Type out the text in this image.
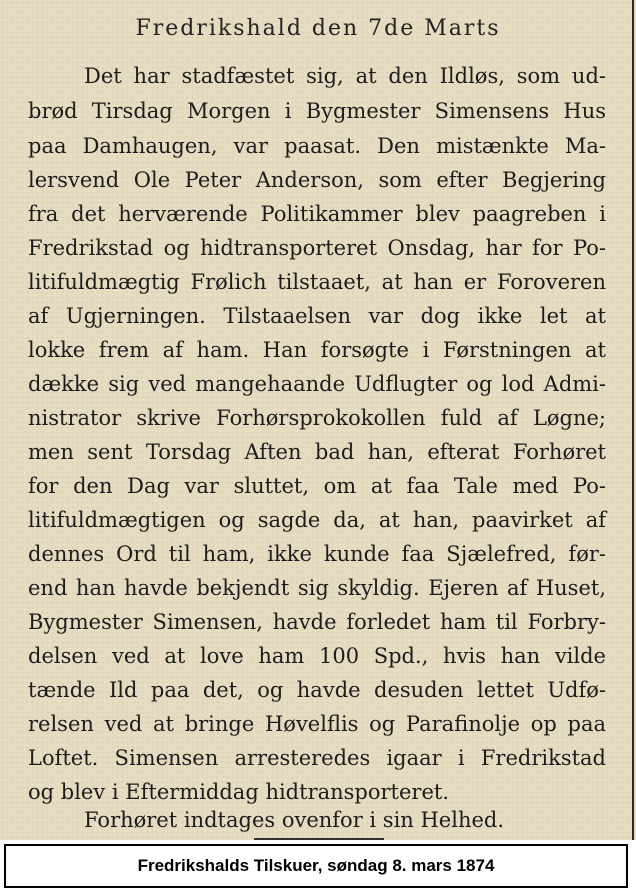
Fredrikshald den 7de Marts
Det har stadfæstet sig, at den Ildløs, som ud-
brød Tirsdag Morgen i Bygmester Simensens Hus
paa Damhaugen, var paasat. Den mistænkte Ma-
lersvend Ole Peter Anderson, som efter Begjering
fra det herværende Politikammer blev paagreben i
Fredrikstad og hidtransporteret Onsdag, har for Po-
litifuldmægtig Frølich tilstaaet, at han er Foroveren
af Ugjerningen. Tilstaaelsen var dog ikke let at
lokke frem af ham. Han forsøgte i Førstningen at
dække sig ved mangehaande Udflugter og lod Admi-
nistrator skrive Forhørsprokokollen fuld af Løgne;
men sent Torsdag Aften bad han, efterat Forhøret
for den Dag var sluttet, om at faa Tale med Po-
litifuldmægtigen og sagde da, at han, paavirket af
dennes Ord til ham, ikke kunde faa Sjælefred, før-
end han havde bekjendt sig skyldig. Ejeren af Huset,
Bygmester Simensen, havde forledet ham til Forbry-
delsen ved at love ham 100 Spd., hvis han vilde
tænde Ild paa det, og havde desuden lettet Udfø-
relsen ved at bringe Høvelflis og Parafinolje op paa
Loftet. Simensen arresteredes igaar i Fredrikstad
og blev i Eftermiddag hidtransporteret.
Forhøret indtages ovenfor i sin Helhed.
Fredrikshalds Tilskuer, søndag 8. mars 1874
